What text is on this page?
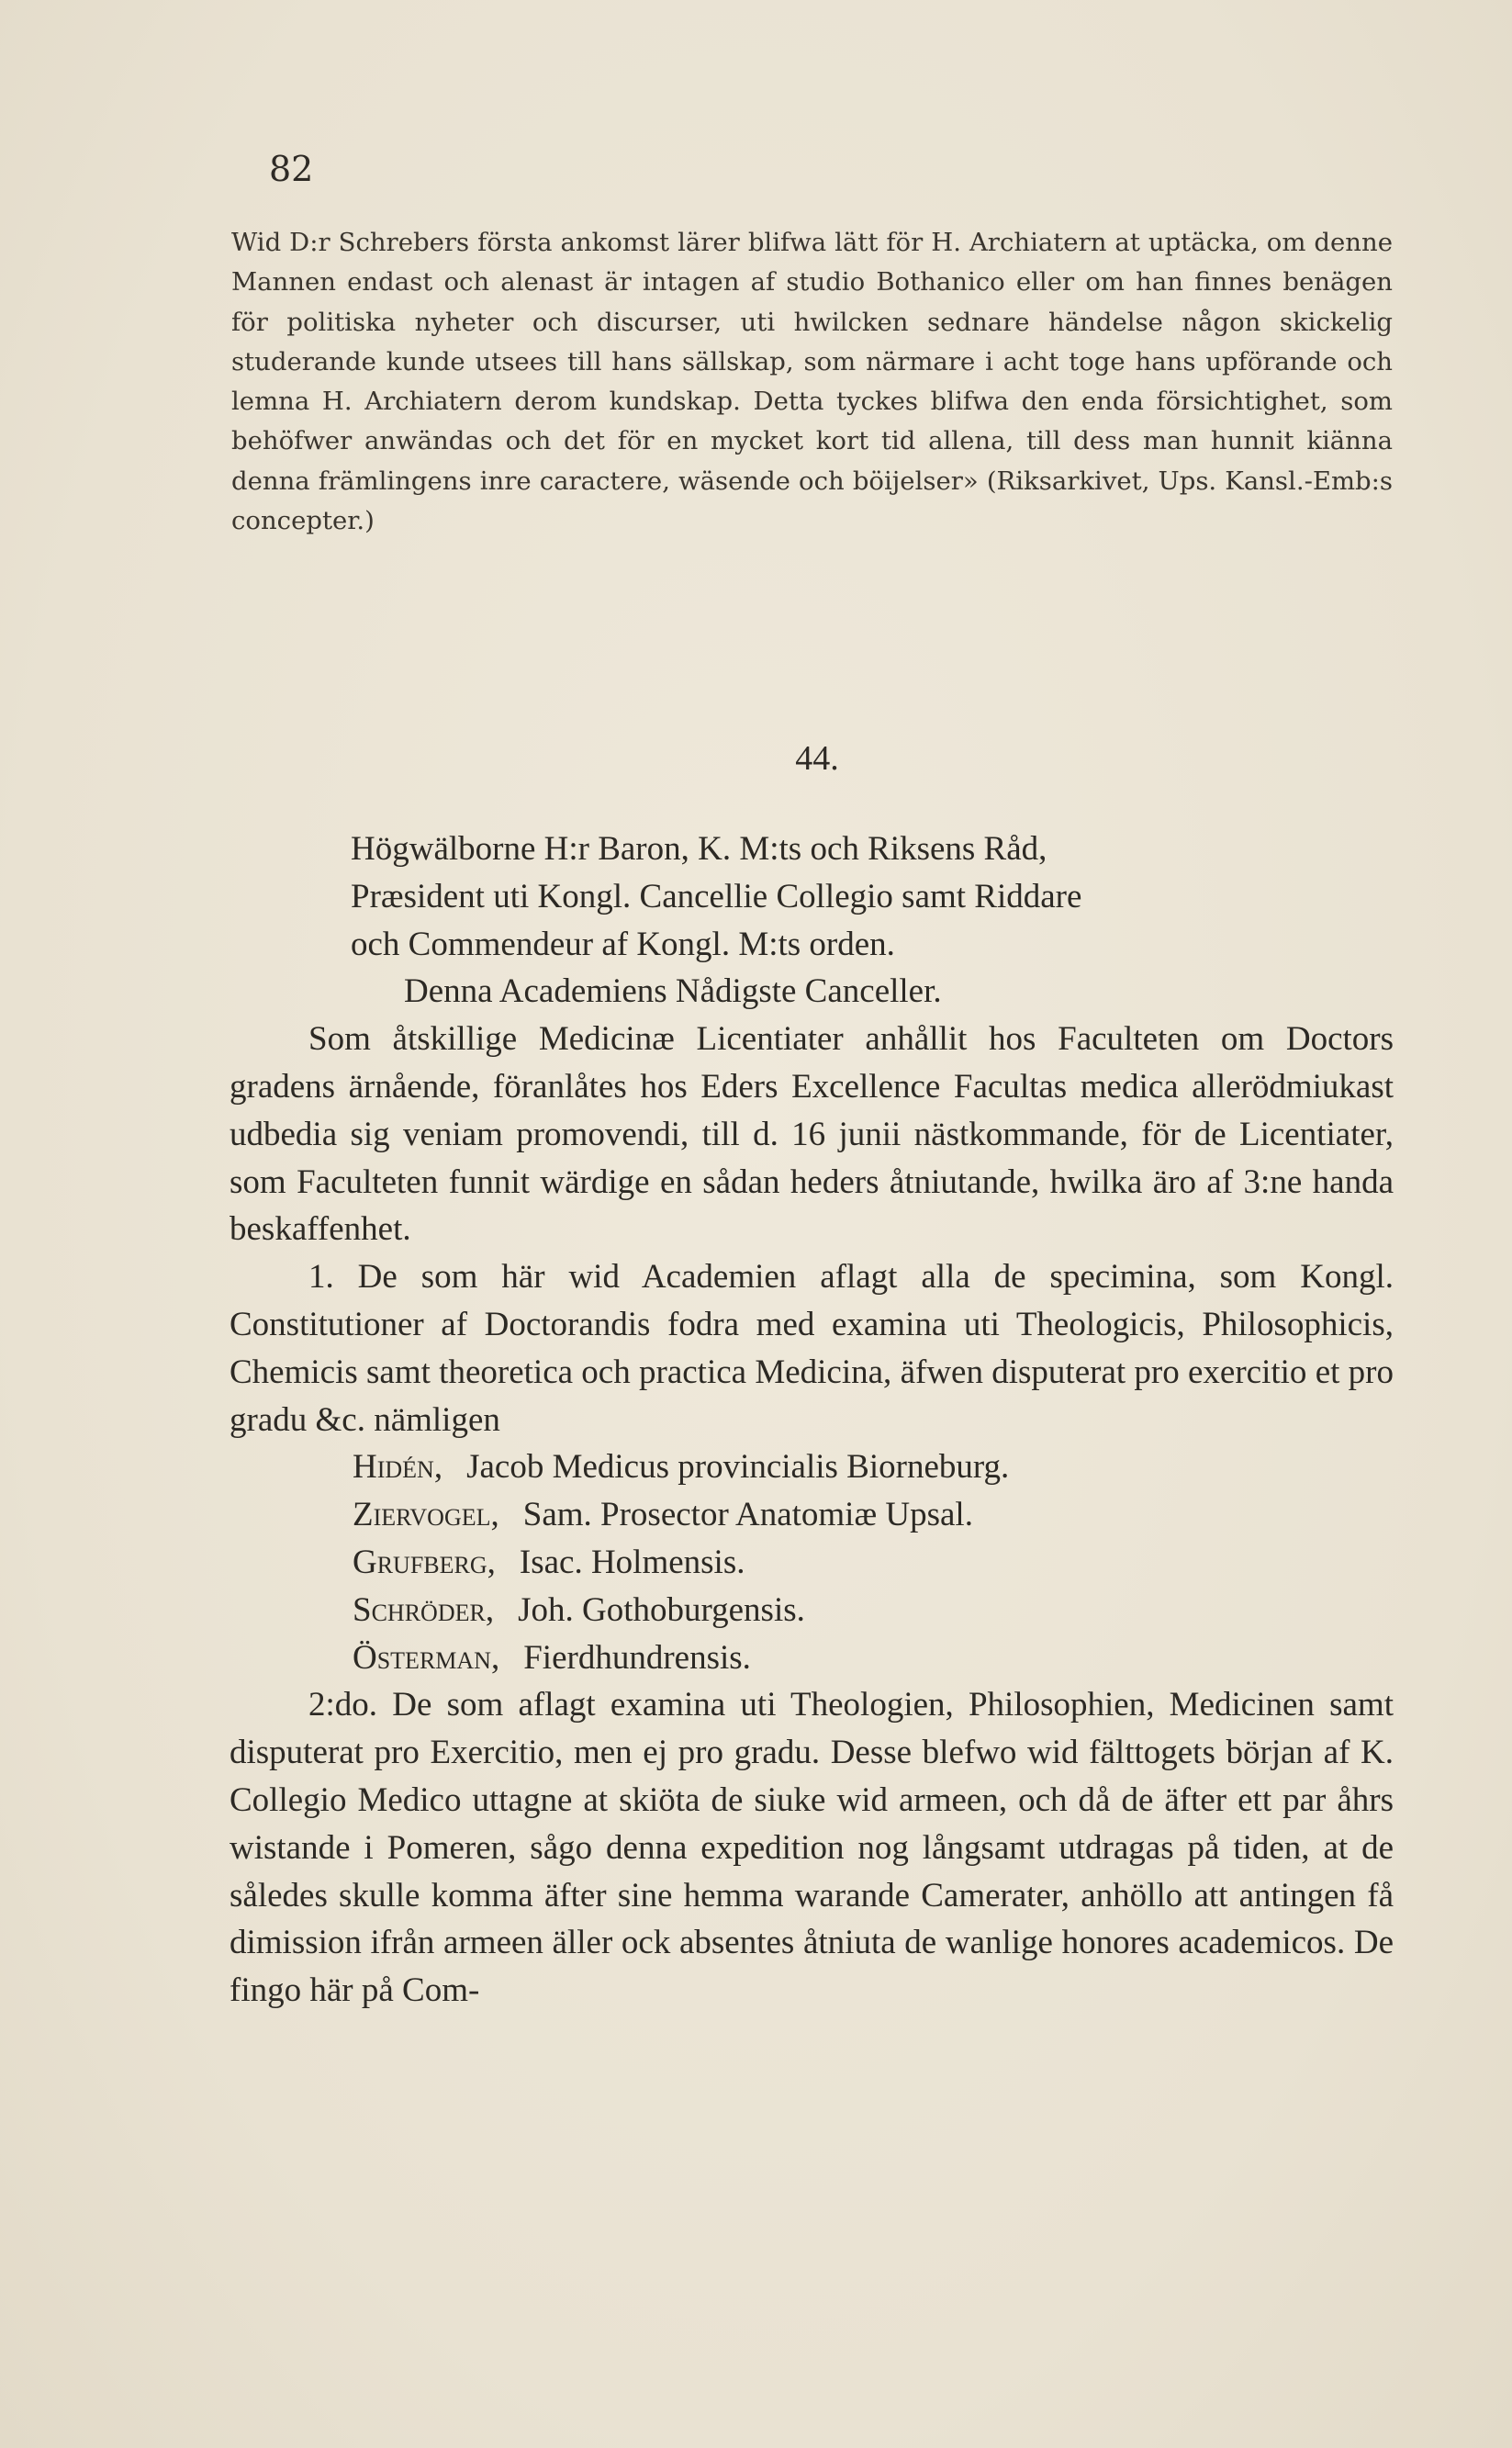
82

Wid D:r Schrebers första ankomst lärer blifwa lätt för H. Archiatern at uptäcka, om denne Mannen endast och alenast är intagen af studio Bothanico eller om han finnes benägen för politiska nyheter och discurser, uti hwilcken sednare händelse någon skickelig studerande kunde utsees till hans sällskap, som närmare i acht toge hans upförande och lemna H. Archiatern derom kundskap. Detta tyckes blifwa den enda försichtighet, som behöfwer anwändas och det för en mycket kort tid allena, till dess man hunnit kiänna denna främlingens inre caractere, wäsende och böijelser» (Riksarkivet, Ups. Kansl.-Emb:s concepter.)

44.
Högwälborne H:r Baron, K. M:ts och Riksens Råd,
Præsident uti Kongl. Cancellie Collegio samt Riddare
och Commendeur af Kongl. M:ts orden.
Denna Academiens Nådigste Canceller.

Som åtskillige Medicinæ Licentiater anhållit hos Faculteten om Doctors gradens ärnående, föranlåtes hos Eders Excellence Facultas medica allerödmiukast udbedia sig veniam promovendi, till d. 16 junii nästkommande, för de Licentiater, som Faculteten funnit wärdige en sådan heders åtniutande, hwilka äro af 3:ne handa beskaffenhet.

1. De som här wid Academien aflagt alla de specimina, som Kongl. Constitutioner af Doctorandis fodra med examina uti Theologicis, Philosophicis, Chemicis samt theoretica och practica Medicina, äfwen disputerat pro exercitio et pro gradu &c. nämligen

Hidén, Jacob Medicus provincialis Biorneburg.
Ziervogel, Sam. Prosector Anatomiæ Upsal.
Grufberg, Isac. Holmensis.
Schröder, Joh. Gothoburgensis.
Österman, Fierdhundrensis.

2:do. De som aflagt examina uti Theologien, Philosophien, Medicinen samt disputerat pro Exercitio, men ej pro gradu. Desse blefwo wid fälttogets början af K. Collegio Medico uttagne at skiöta de siuke wid armeen, och då de äfter ett par åhrs wistande i Pomeren, sågo denna expedition nog långsamt utdragas på tiden, at de således skulle komma äfter sine hemma warande Camerater, anhöllo att antingen få dimission ifrån armeen äller ock absentes åtniuta de wanlige honores academicos. De fingo här på Com-
